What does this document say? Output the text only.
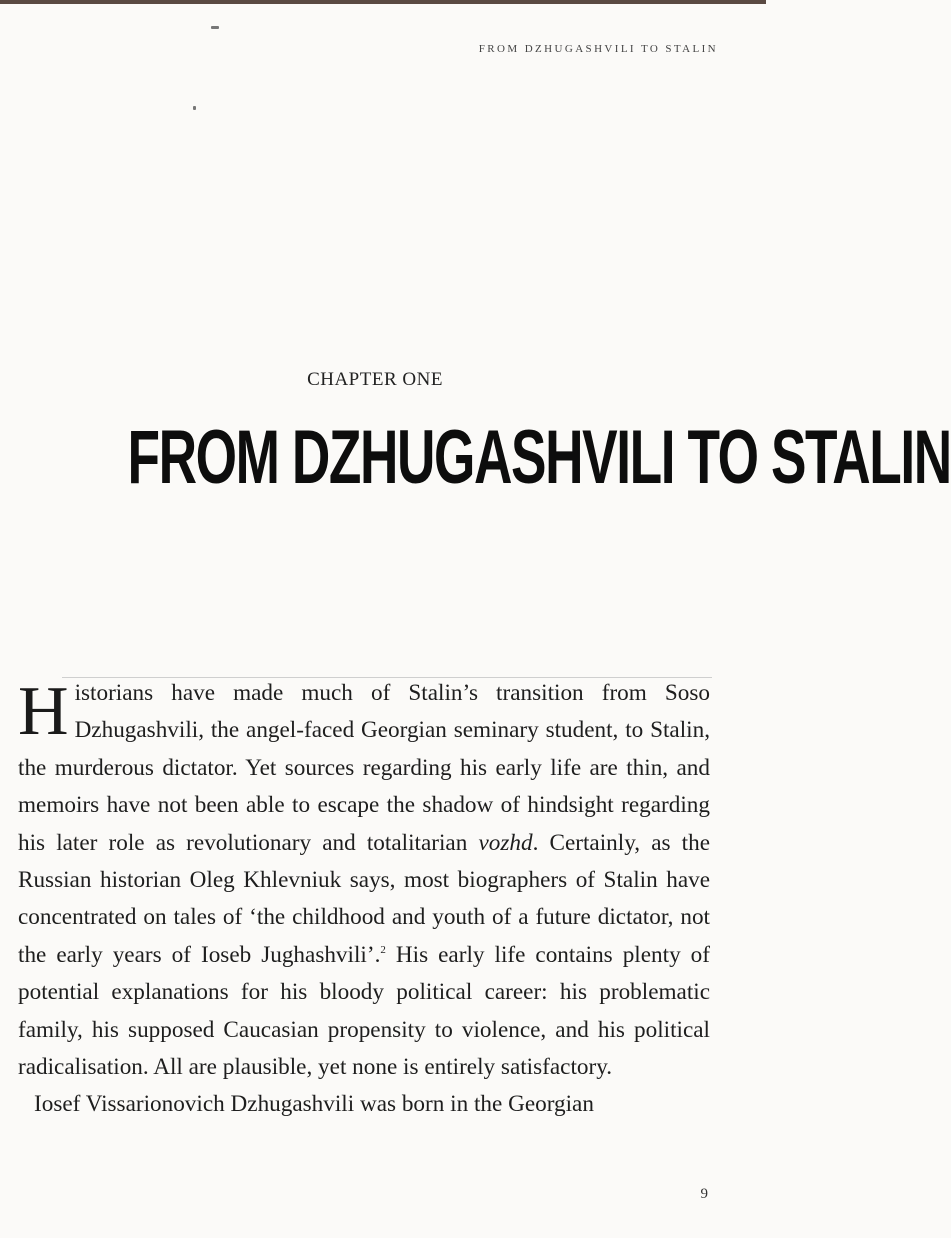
FROM DZHUGASHVILI TO STALIN
CHAPTER ONE
FROM DZHUGASHVILI TO STALIN

Historians have made much of Stalin’s transition from Soso Dzhugashvili, the angel-faced Georgian seminary student, to Stalin, the murderous dictator. Yet sources regarding his early life are thin, and memoirs have not been able to escape the shadow of hindsight regarding his later role as revolutionary and totalitarian vozhd. Certainly, as the Russian historian Oleg Khlevniuk says, most biographers of Stalin have concentrated on tales of ‘the childhood and youth of a future dictator, not the early years of Ioseb Jughashvili’.$^2$ His early life contains plenty of potential explanations for his bloody political career: his problematic family, his supposed Caucasian propensity to violence, and his political radicalisation. All are plausible, yet none is entirely satisfactory.

Iosef Vissarionovich Dzhugashvili was born in the Georgian

9
